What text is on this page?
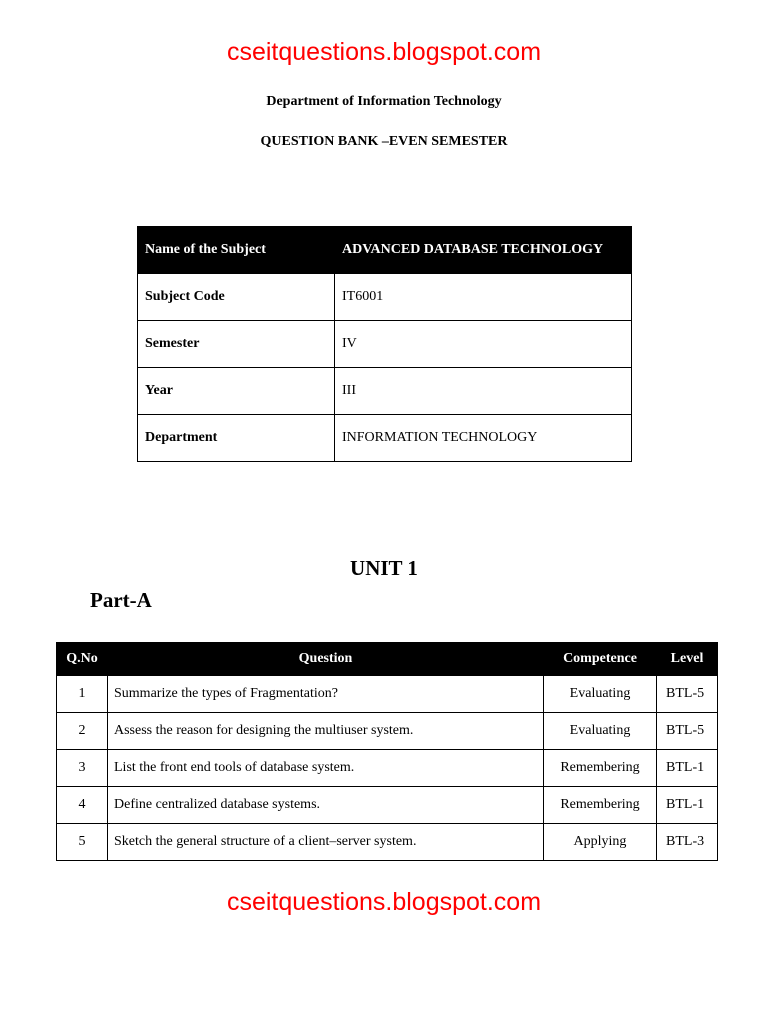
cseitquestions.blogspot.com
Department of Information Technology
QUESTION BANK –EVEN SEMESTER
Name of the Subject	ADVANCED DATABASE TECHNOLOGY
Subject Code	IT6001
Semester	IV
Year	III
Department	INFORMATION TECHNOLOGY
UNIT 1
Part-A
Q.No	Question	Competence	Level
1	Summarize the types of Fragmentation?	Evaluating	BTL-5
2	Assess the reason for designing the multiuser system.	Evaluating	BTL-5
3	List the front end tools of database system.	Remembering	BTL-1
4	Define centralized database systems.	Remembering	BTL-1
5	Sketch the general structure of a client–server system.	Applying	BTL-3
cseitquestions.blogspot.com
